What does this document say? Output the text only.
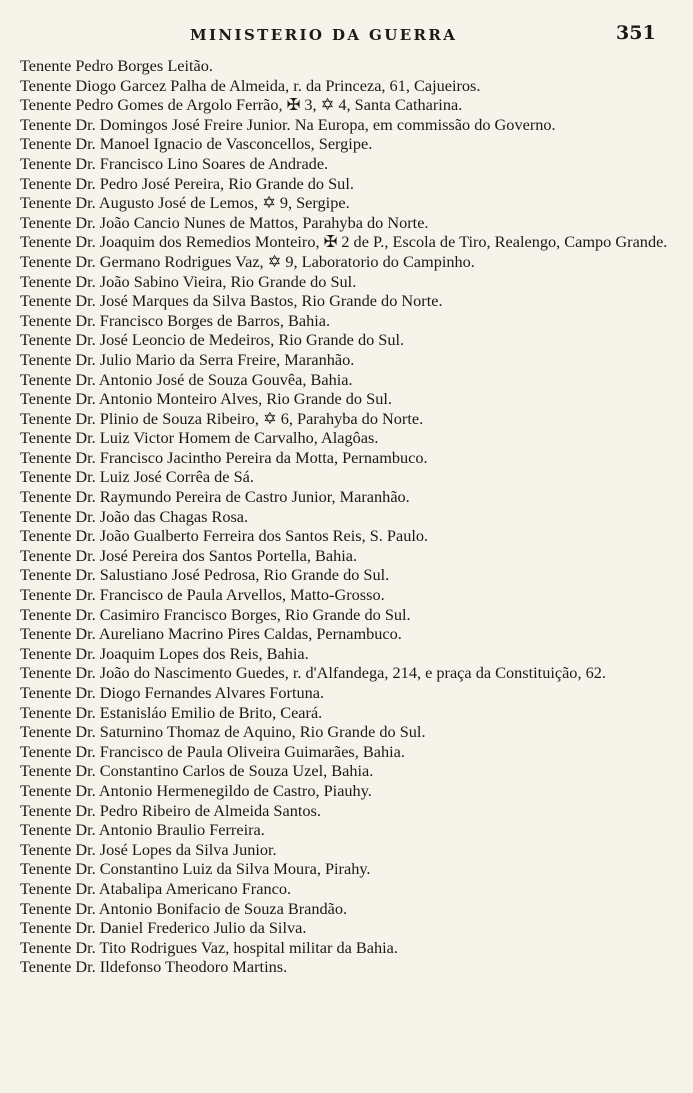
MINISTERIO DA GUERRA	351

Tenente Pedro Borges Leitão.

Tenente Diogo Garcez Palha de Almeida, r. da Princeza, 61, Cajueiros.

Tenente Pedro Gomes de Argolo Ferrão, ✠ 3, ✡ 4, Santa Catharina.

Tenente Dr. Domingos José Freire Junior. Na Europa, em commissão do Governo.

Tenente Dr. Manoel Ignacio de Vasconcellos, Sergipe.

Tenente Dr. Francisco Lino Soares de Andrade.

Tenente Dr. Pedro José Pereira, Rio Grande do Sul.

Tenente Dr. Augusto José de Lemos, ✡ 9, Sergipe.

Tenente Dr. João Cancio Nunes de Mattos, Parahyba do Norte.

Tenente Dr. Joaquim dos Remedios Monteiro, ✠ 2 de P., Escola de Tiro, Realengo, Campo Grande.

Tenente Dr. Germano Rodrigues Vaz, ✡ 9, Laboratorio do Campinho.

Tenente Dr. João Sabino Vieira, Rio Grande do Sul.

Tenente Dr. José Marques da Silva Bastos, Rio Grande do Norte.

Tenente Dr. Francisco Borges de Barros, Bahia.

Tenente Dr. José Leoncio de Medeiros, Rio Grande do Sul.

Tenente Dr. Julio Mario da Serra Freire, Maranhão.

Tenente Dr. Antonio José de Souza Gouvêa, Bahia.

Tenente Dr. Antonio Monteiro Alves, Rio Grande do Sul.

Tenente Dr. Plinio de Souza Ribeiro, ✡ 6, Parahyba do Norte.

Tenente Dr. Luiz Victor Homem de Carvalho, Alagôas.

Tenente Dr. Francisco Jacintho Pereira da Motta, Pernambuco.

Tenente Dr. Luiz José Corrêa de Sá.

Tenente Dr. Raymundo Pereira de Castro Junior, Maranhão.

Tenente Dr. João das Chagas Rosa.

Tenente Dr. João Gualberto Ferreira dos Santos Reis, S. Paulo.

Tenente Dr. José Pereira dos Santos Portella, Bahia.

Tenente Dr. Salustiano José Pedrosa, Rio Grande do Sul.

Tenente Dr. Francisco de Paula Arvellos, Matto-Grosso.

Tenente Dr. Casimiro Francisco Borges, Rio Grande do Sul.

Tenente Dr. Aureliano Macrino Pires Caldas, Pernambuco.

Tenente Dr. Joaquim Lopes dos Reis, Bahia.

Tenente Dr. João do Nascimento Guedes, r. d'Alfandega, 214, e praça da Constituição, 62.

Tenente Dr. Diogo Fernandes Alvares Fortuna.

Tenente Dr. Estanisláo Emilio de Brito, Ceará.

Tenente Dr. Saturnino Thomaz de Aquino, Rio Grande do Sul.

Tenente Dr. Francisco de Paula Oliveira Guimarães, Bahia.

Tenente Dr. Constantino Carlos de Souza Uzel, Bahia.

Tenente Dr. Antonio Hermenegildo de Castro, Piauhy.

Tenente Dr. Pedro Ribeiro de Almeida Santos.

Tenente Dr. Antonio Braulio Ferreira.

Tenente Dr. José Lopes da Silva Junior.

Tenente Dr. Constantino Luiz da Silva Moura, Pirahy.

Tenente Dr. Atabalipa Americano Franco.

Tenente Dr. Antonio Bonifacio de Souza Brandão.

Tenente Dr. Daniel Frederico Julio da Silva.

Tenente Dr. Tito Rodrigues Vaz, hospital militar da Bahia.

Tenente Dr. Ildefonso Theodoro Martins.
